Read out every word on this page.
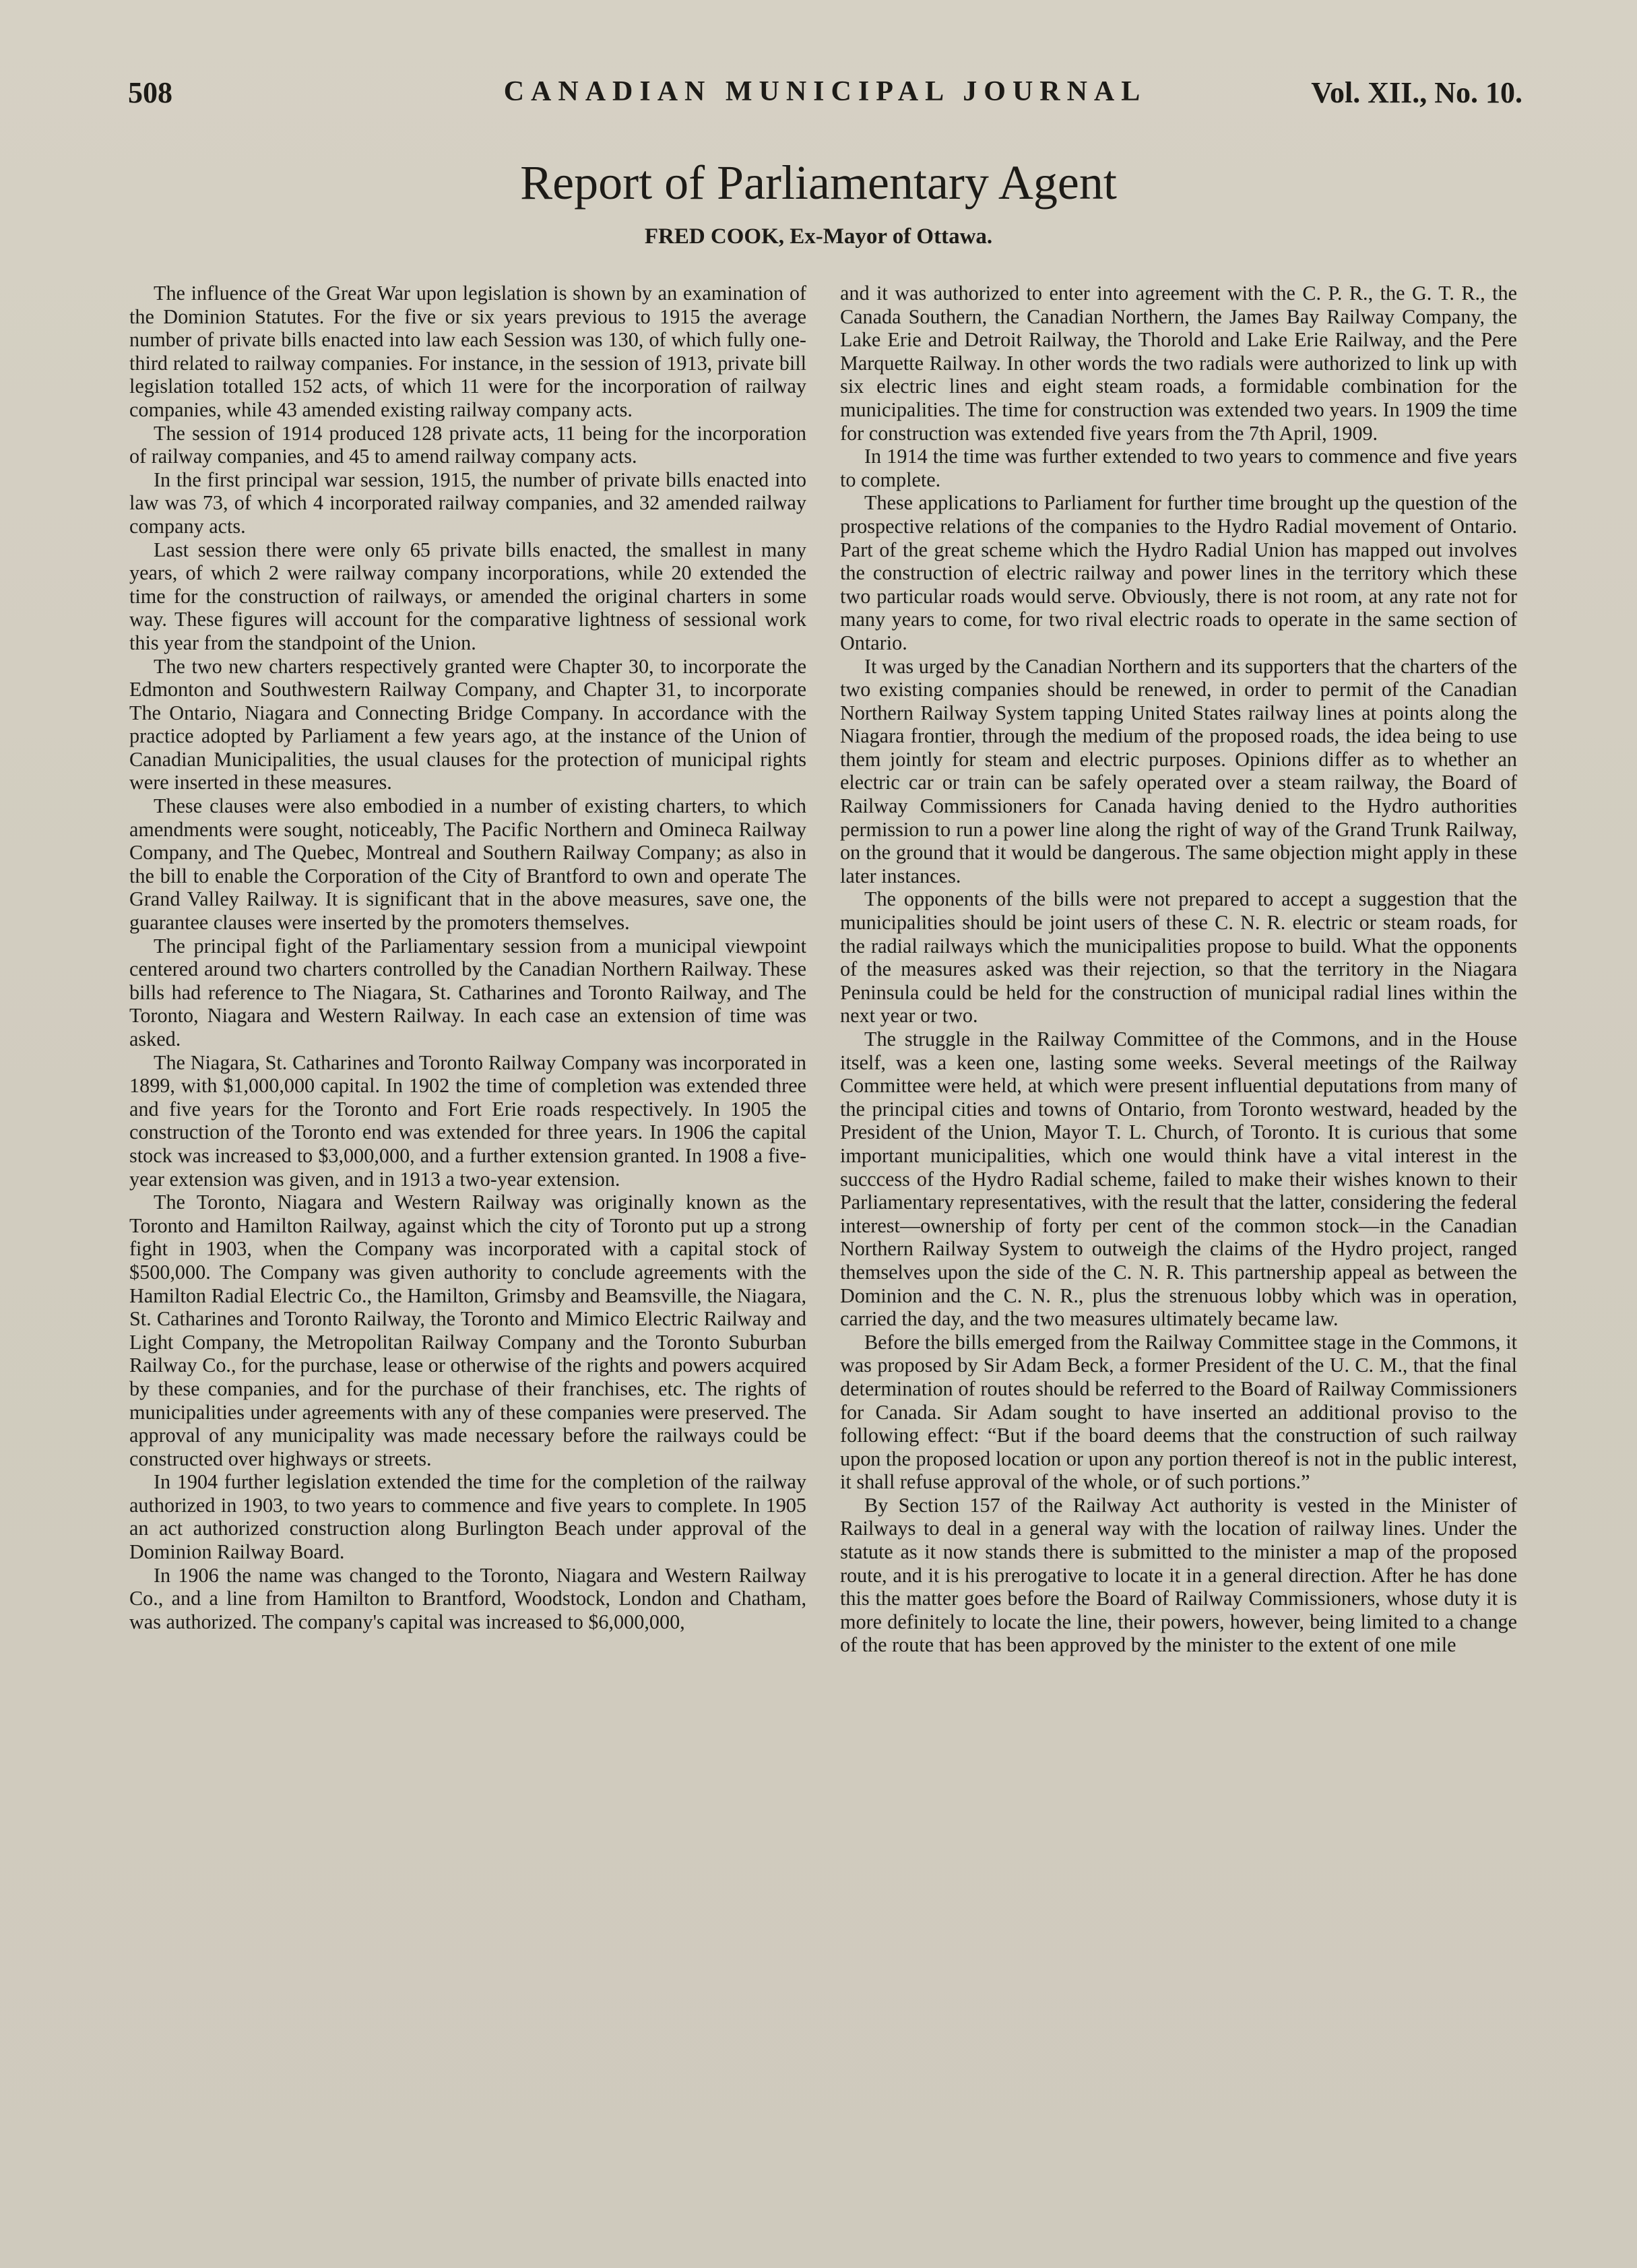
508	CANADIAN MUNICIPAL JOURNAL	Vol. XII., No. 10.
Report of Parliamentary Agent
FRED COOK, Ex-Mayor of Ottawa.

The influence of the Great War upon legislation is shown by an examination of the Dominion Statutes. For the five or six years previous to 1915 the average number of private bills enacted into law each Session was 130, of which fully one-third related to railway companies. For instance, in the session of 1913, private bill legislation totalled 152 acts, of which 11 were for the incorporation of railway companies, while 43 amended existing railway company acts.

The session of 1914 produced 128 private acts, 11 being for the incorporation of railway companies, and 45 to amend railway company acts.

In the first principal war session, 1915, the number of private bills enacted into law was 73, of which 4 incorporated railway companies, and 32 amended railway company acts.

Last session there were only 65 private bills enacted, the smallest in many years, of which 2 were railway company incorporations, while 20 extended the time for the construction of railways, or amended the original charters in some way. These figures will account for the comparative lightness of sessional work this year from the standpoint of the Union.

The two new charters respectively granted were Chapter 30, to incorporate the Edmonton and Southwestern Railway Company, and Chapter 31, to incorporate The Ontario, Niagara and Connecting Bridge Company. In accordance with the practice adopted by Parliament a few years ago, at the instance of the Union of Canadian Municipalities, the usual clauses for the protection of municipal rights were inserted in these measures.

These clauses were also embodied in a number of existing charters, to which amendments were sought, noticeably, The Pacific Northern and Omineca Railway Company, and The Quebec, Montreal and Southern Railway Company; as also in the bill to enable the Corporation of the City of Brantford to own and operate The Grand Valley Railway. It is significant that in the above measures, save one, the guarantee clauses were inserted by the promoters themselves.

The principal fight of the Parliamentary session from a municipal viewpoint centered around two charters controlled by the Canadian Northern Railway. These bills had reference to The Niagara, St. Catharines and Toronto Railway, and The Toronto, Niagara and Western Railway. In each case an extension of time was asked.

The Niagara, St. Catharines and Toronto Railway Company was incorporated in 1899, with $1,000,000 capital. In 1902 the time of completion was extended three and five years for the Toronto and Fort Erie roads respectively. In 1905 the construction of the Toronto end was extended for three years. In 1906 the capital stock was increased to $3,000,000, and a further extension granted. In 1908 a five-year extension was given, and in 1913 a two-year extension.

The Toronto, Niagara and Western Railway was originally known as the Toronto and Hamilton Railway, against which the city of Toronto put up a strong fight in 1903, when the Company was incorporated with a capital stock of $500,000. The Company was given authority to conclude agreements with the Hamilton Radial Electric Co., the Hamilton, Grimsby and Beamsville, the Niagara, St. Catharines and Toronto Railway, the Toronto and Mimico Electric Railway and Light Company, the Metropolitan Railway Company and the Toronto Suburban Railway Co., for the purchase, lease or otherwise of the rights and powers acquired by these companies, and for the purchase of their franchises, etc. The rights of municipalities under agreements with any of these companies were preserved. The approval of any municipality was made necessary before the railways could be constructed over highways or streets.

In 1904 further legislation extended the time for the completion of the railway authorized in 1903, to two years to commence and five years to complete. In 1905 an act authorized construction along Burlington Beach under approval of the Dominion Railway Board.

In 1906 the name was changed to the Toronto, Niagara and Western Railway Co., and a line from Hamilton to Brantford, Woodstock, London and Chatham, was authorized. The company's capital was increased to $6,000,000,

and it was authorized to enter into agreement with the C. P. R., the G. T. R., the Canada Southern, the Canadian Northern, the James Bay Railway Company, the Lake Erie and Detroit Railway, the Thorold and Lake Erie Railway, and the Pere Marquette Railway. In other words the two radials were authorized to link up with six electric lines and eight steam roads, a formidable combination for the municipalities. The time for construction was extended two years. In 1909 the time for construction was extended five years from the 7th April, 1909.

In 1914 the time was further extended to two years to commence and five years to complete.

These applications to Parliament for further time brought up the question of the prospective relations of the companies to the Hydro Radial movement of Ontario. Part of the great scheme which the Hydro Radial Union has mapped out involves the construction of electric railway and power lines in the territory which these two particular roads would serve. Obviously, there is not room, at any rate not for many years to come, for two rival electric roads to operate in the same section of Ontario.

It was urged by the Canadian Northern and its supporters that the charters of the two existing companies should be renewed, in order to permit of the Canadian Northern Railway System tapping United States railway lines at points along the Niagara frontier, through the medium of the proposed roads, the idea being to use them jointly for steam and electric purposes. Opinions differ as to whether an electric car or train can be safely operated over a steam railway, the Board of Railway Commissioners for Canada having denied to the Hydro authorities permission to run a power line along the right of way of the Grand Trunk Railway, on the ground that it would be dangerous. The same objection might apply in these later instances.

The opponents of the bills were not prepared to accept a suggestion that the municipalities should be joint users of these C. N. R. electric or steam roads, for the radial railways which the municipalities propose to build. What the opponents of the measures asked was their rejection, so that the territory in the Niagara Peninsula could be held for the construction of municipal radial lines within the next year or two.

The struggle in the Railway Committee of the Commons, and in the House itself, was a keen one, lasting some weeks. Several meetings of the Railway Committee were held, at which were present influential deputations from many of the principal cities and towns of Ontario, from Toronto westward, headed by the President of the Union, Mayor T. L. Church, of Toronto. It is curious that some important municipalities, which one would think have a vital interest in the succcess of the Hydro Radial scheme, failed to make their wishes known to their Parliamentary representatives, with the result that the latter, considering the federal interest—ownership of forty per cent of the common stock—in the Canadian Northern Railway System to outweigh the claims of the Hydro project, ranged themselves upon the side of the C. N. R. This partnership appeal as between the Dominion and the C. N. R., plus the strenuous lobby which was in operation, carried the day, and the two measures ultimately became law.

Before the bills emerged from the Railway Committee stage in the Commons, it was proposed by Sir Adam Beck, a former President of the U. C. M., that the final determination of routes should be referred to the Board of Railway Commissioners for Canada. Sir Adam sought to have inserted an additional proviso to the following effect: “But if the board deems that the construction of such railway upon the proposed location or upon any portion thereof is not in the public interest, it shall refuse approval of the whole, or of such portions.”

By Section 157 of the Railway Act authority is vested in the Minister of Railways to deal in a general way with the location of railway lines. Under the statute as it now stands there is submitted to the minister a map of the proposed route, and it is his prerogative to locate it in a general direction. After he has done this the matter goes before the Board of Railway Commissioners, whose duty it is more definitely to locate the line, their powers, however, being limited to a change of the route that has been approved by the minister to the extent of one mile
